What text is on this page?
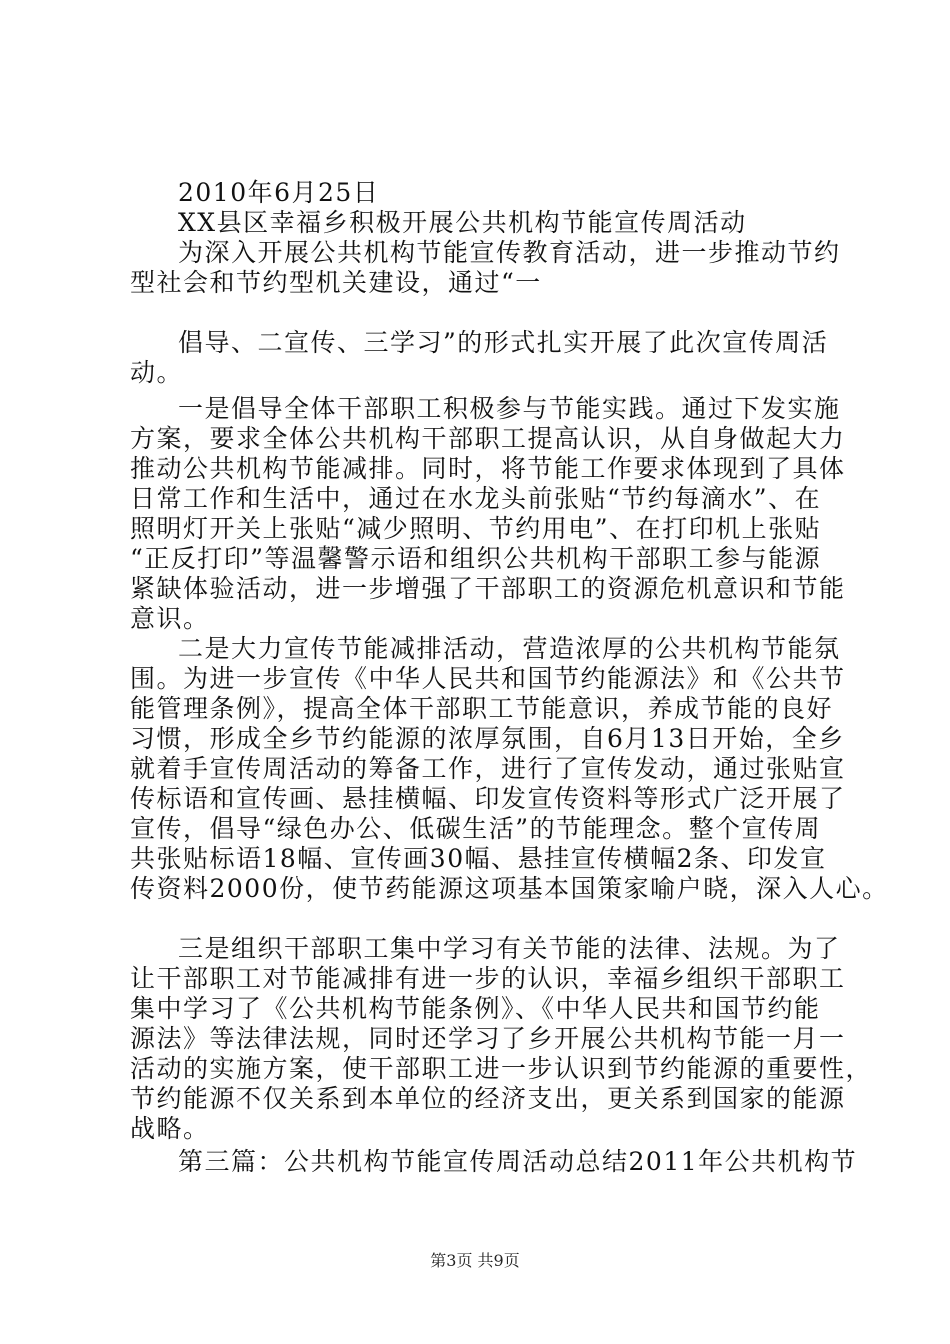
2010年6月25日
XX县区幸福乡积极开展公共机构节能宣传周活动
为深入开展公共机构节能宣传教育活动，进一步推动节约
型社会和节约型机关建设，通过“一
倡导、二宣传、三学习”的形式扎实开展了此次宣传周活
动。
一是倡导全体干部职工积极参与节能实践。通过下发实施
方案，要求全体公共机构干部职工提高认识，从自身做起大力
推动公共机构节能减排。同时，将节能工作要求体现到了具体
日常工作和生活中，通过在水龙头前张贴“节约每滴水”、在
照明灯开关上张贴“减少照明、节约用电”、在打印机上张贴
“正反打印”等温馨警示语和组织公共机构干部职工参与能源
紧缺体验活动，进一步增强了干部职工的资源危机意识和节能
意识。
二是大力宣传节能减排活动，营造浓厚的公共机构节能氛
围。为进一步宣传《中华人民共和国节约能源法》和《公共节
能管理条例》，提高全体干部职工节能意识，养成节能的良好
习惯，形成全乡节约能源的浓厚氛围，自6月13日开始，全乡
就着手宣传周活动的筹备工作，进行了宣传发动，通过张贴宣
传标语和宣传画、悬挂横幅、印发宣传资料等形式广泛开展了
宣传，倡导“绿色办公、低碳生活”的节能理念。整个宣传周
共张贴标语18幅、宣传画30幅、悬挂宣传横幅2条、印发宣
传资料2000份，使节药能源这项基本国策家喻户晓，深入人心。
三是组织干部职工集中学习有关节能的法律、法规。为了
让干部职工对节能减排有进一步的认识，幸福乡组织干部职工
集中学习了《公共机构节能条例》、《中华人民共和国节约能
源法》等法律法规，同时还学习了乡开展公共机构节能一月一
活动的实施方案，使干部职工进一步认识到节约能源的重要性，
节约能源不仅关系到本单位的经济支出，更关系到国家的能源
战略。
第三篇：公共机构节能宣传周活动总结2011年公共机构节
第3页 共9页
